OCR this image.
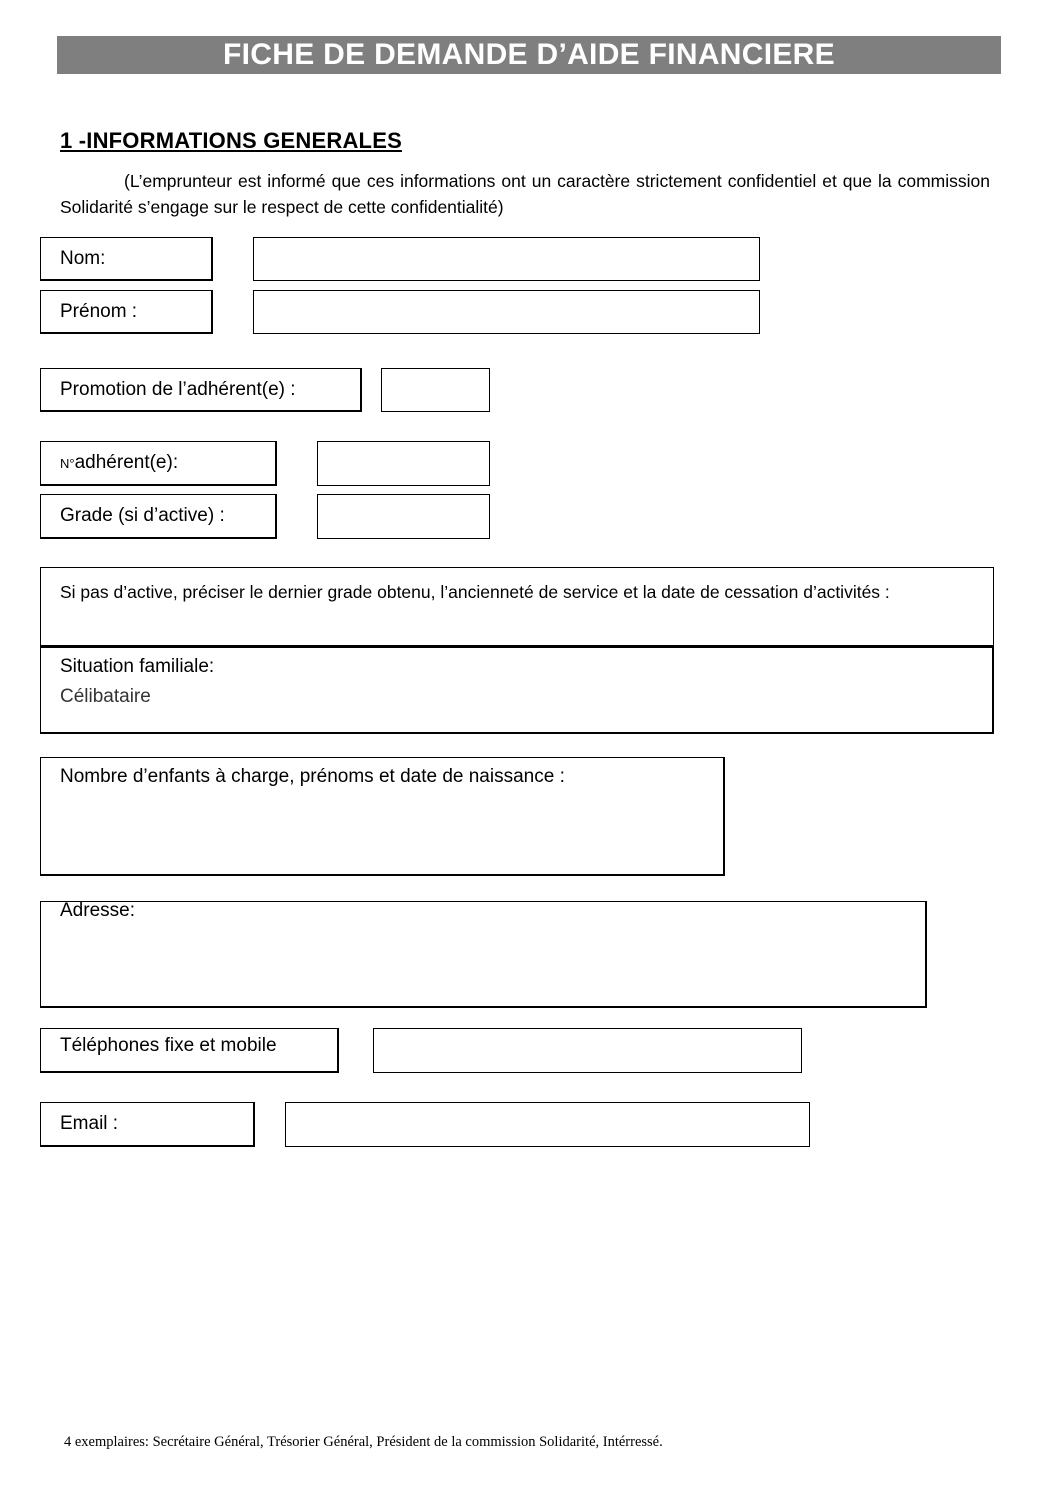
FICHE DE DEMANDE D’AIDE FINANCIERE
1 -INFORMATIONS GENERALES
(L’emprunteur est informé que ces informations ont un caractère strictement confidentiel et que la commission Solidarité s’engage sur le respect de cette confidentialité)
Nom:
Prénom :
Promotion de l’adhérent(e) :
N° adhérent(e):
Grade (si d’active) :
Si pas d’active, préciser le dernier grade obtenu, l’ancienneté de service et la date de cessation d’activités :
Situation familiale:
Célibataire
Nombre d’enfants à charge, prénoms et date de naissance :
Adresse:
Téléphones fixe et mobile
Email :
4 exemplaires: Secrétaire Général, Trésorier Général, Président de la commission Solidarité, Intérressé.
